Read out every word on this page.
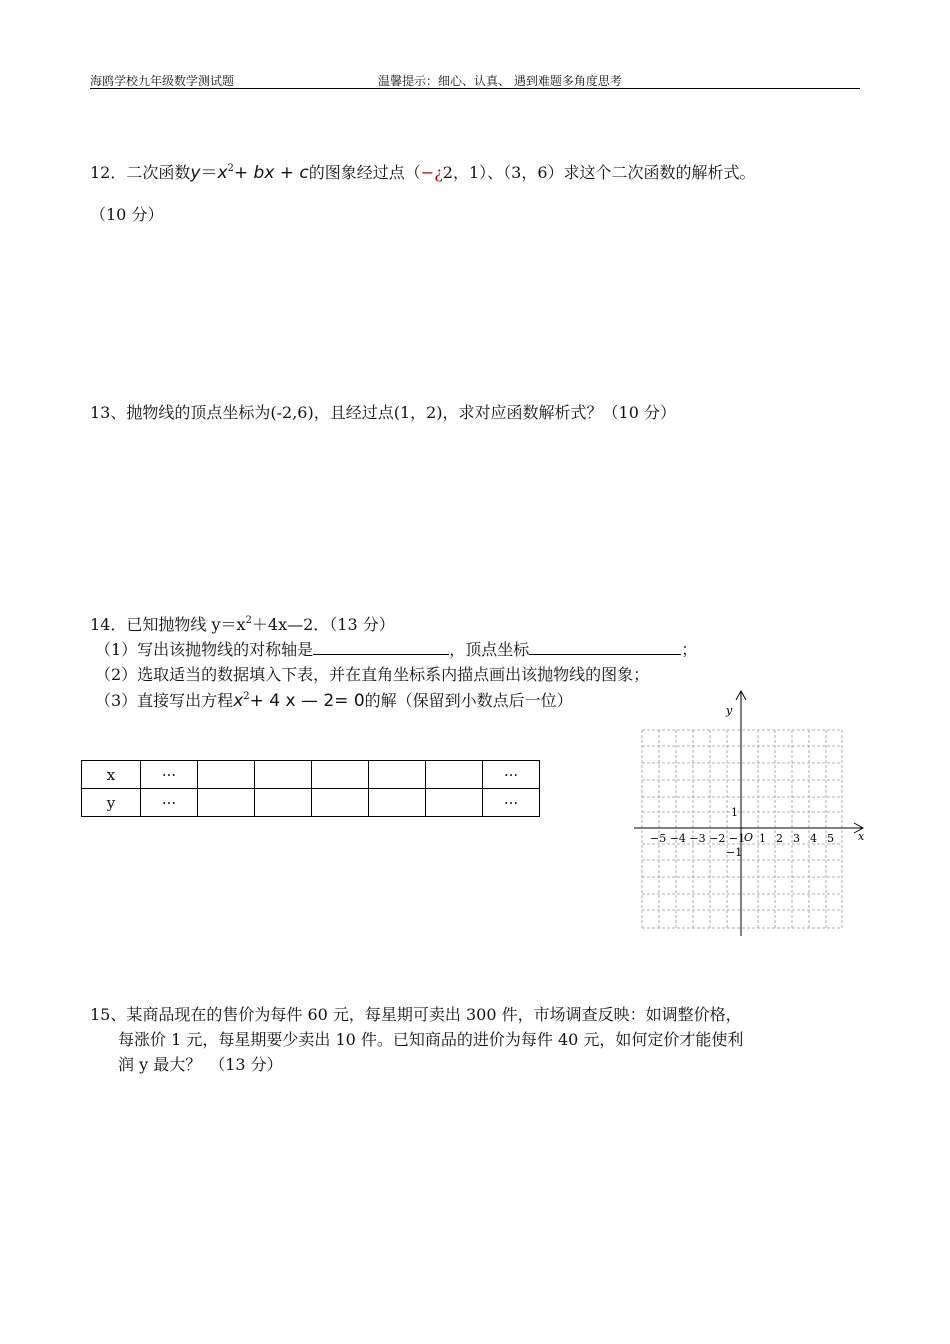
海鸥学校九年级数学测试题	温馨提示：细心、认真、 遇到难题多角度思考
12．二次函数$y=x^2+$ bx + c的图象经过点（−¿2，1）、（3，6）求这个二次函数的解析式。
（10 分）
13、抛物线的顶点坐标为(-2,6)，且经过点(1，2)，求对应函数解析式？（10 分）
14．已知抛物线 $y=x^2+4x—2$．（13 分）
（1）写出该抛物线的对称轴是	，顶点坐标	；
（2）选取适当的数据填入下表，并在直角坐标系内描点画出该抛物线的图象；
（3）直接写出方程$x^2+ 4$ x — 2= 0的解（保留到小数点后一位）
x	···						···
y	···						···
x
y
O
−5 −4 −3 −2 −1 1 2 3 4 5
1
−1
15、某商品现在的售价为每件 60 元，每星期可卖出 300 件，市场调查反映：如调整价格，
每涨价 1 元，每星期要少卖出 10 件。已知商品的进价为每件 40 元，如何定价才能使利
润 y 最大？　（13 分）
